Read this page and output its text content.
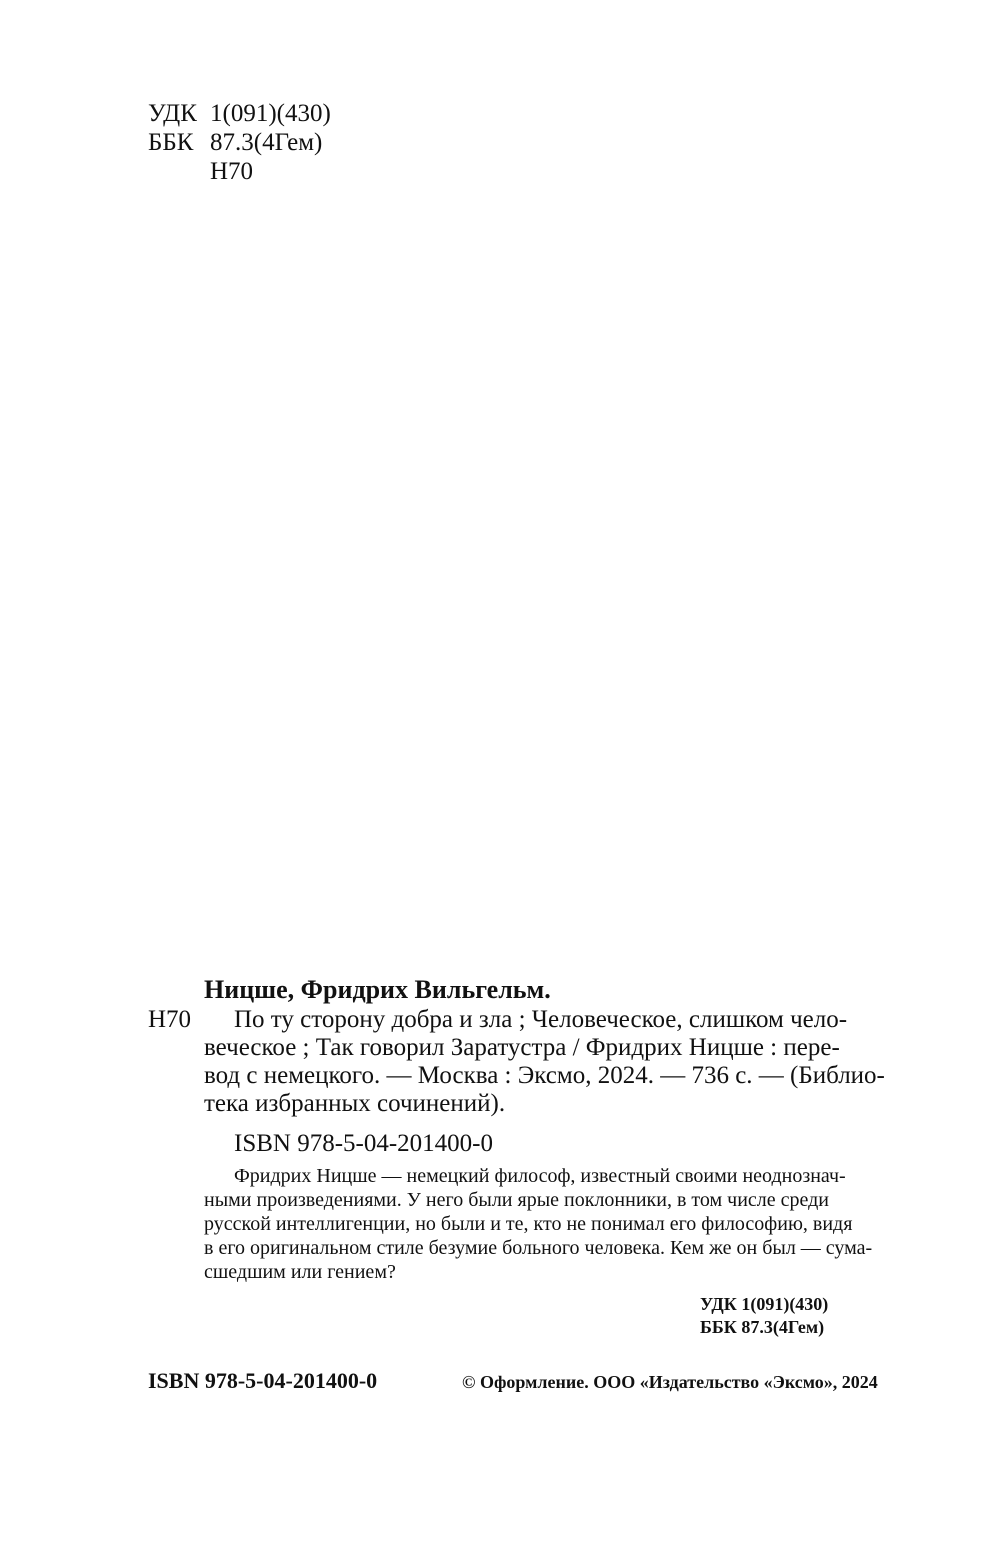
УДК 1(091)(430)
ББК 87.3(4Гем)
Н70
Ницше, Фридрих Вильгельм.
Н70	По ту сторону добра и зла ; Человеческое, слишком чело-
веческое ; Так говорил Заратустра / Фридрих Ницше : пере-
вод с немецкого. — Москва : Эксмо, 2024. — 736 с. — (Библио-
тека избранных сочинений).
ISBN 978-5-04-201400-0
Фридрих Ницше — немецкий философ, известный своими неоднознач-
ными произведениями. У него были ярые поклонники, в том числе среди
русской интеллигенции, но были и те, кто не понимал его философию, видя
в его оригинальном стиле безумие больного человека. Кем же он был — сума-
сшедшим или гением?
УДК 1(091)(430)
ББК 87.3(4Гем)
ISBN 978-5-04-201400-0	© Оформление. ООО «Издательство «Эксмо», 2024
